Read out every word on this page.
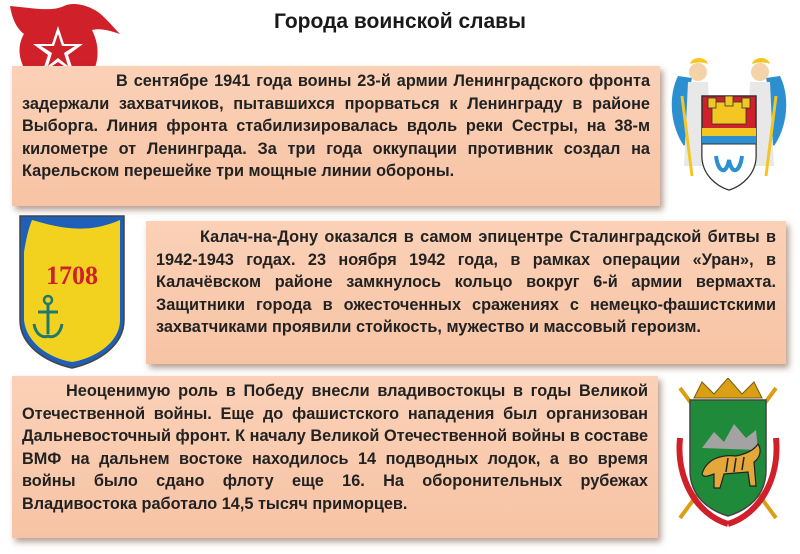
Города воинской славы

В сентябре 1941 года воины 23-й армии Ленинградского фронта задержали захватчиков, пытавшихся прорваться к Ленинграду в районе Выборга. Линия фронта стабилизировалась вдоль реки Сестры, на 38-м километре от Ленинграда. За три года оккупации противник создал на Карельском перешейке три мощные линии обороны.

1708

Калач-на-Дону оказался в самом эпицентре Сталинградской битвы в 1942-1943 годах. 23 ноября 1942 года, в рамках операции «Уран», в Калачёвском районе замкнулось кольцо вокруг 6-й армии вермахта. Защитники города в ожесточенных сражениях с немецко-фашистскими захватчиками проявили стойкость, мужество и массовый героизм.

Неоценимую роль в Победу внесли владивостокцы в годы Великой Отечественной войны. Еще до фашистского нападения был организован Дальневосточный фронт. К началу Великой Отечественной войны в составе ВМФ на дальнем востоке находилось 14 подводных лодок, а во время войны было сдано флоту еще 16. На оборонительных рубежах Владивостока работало 14,5 тысяч приморцев.
